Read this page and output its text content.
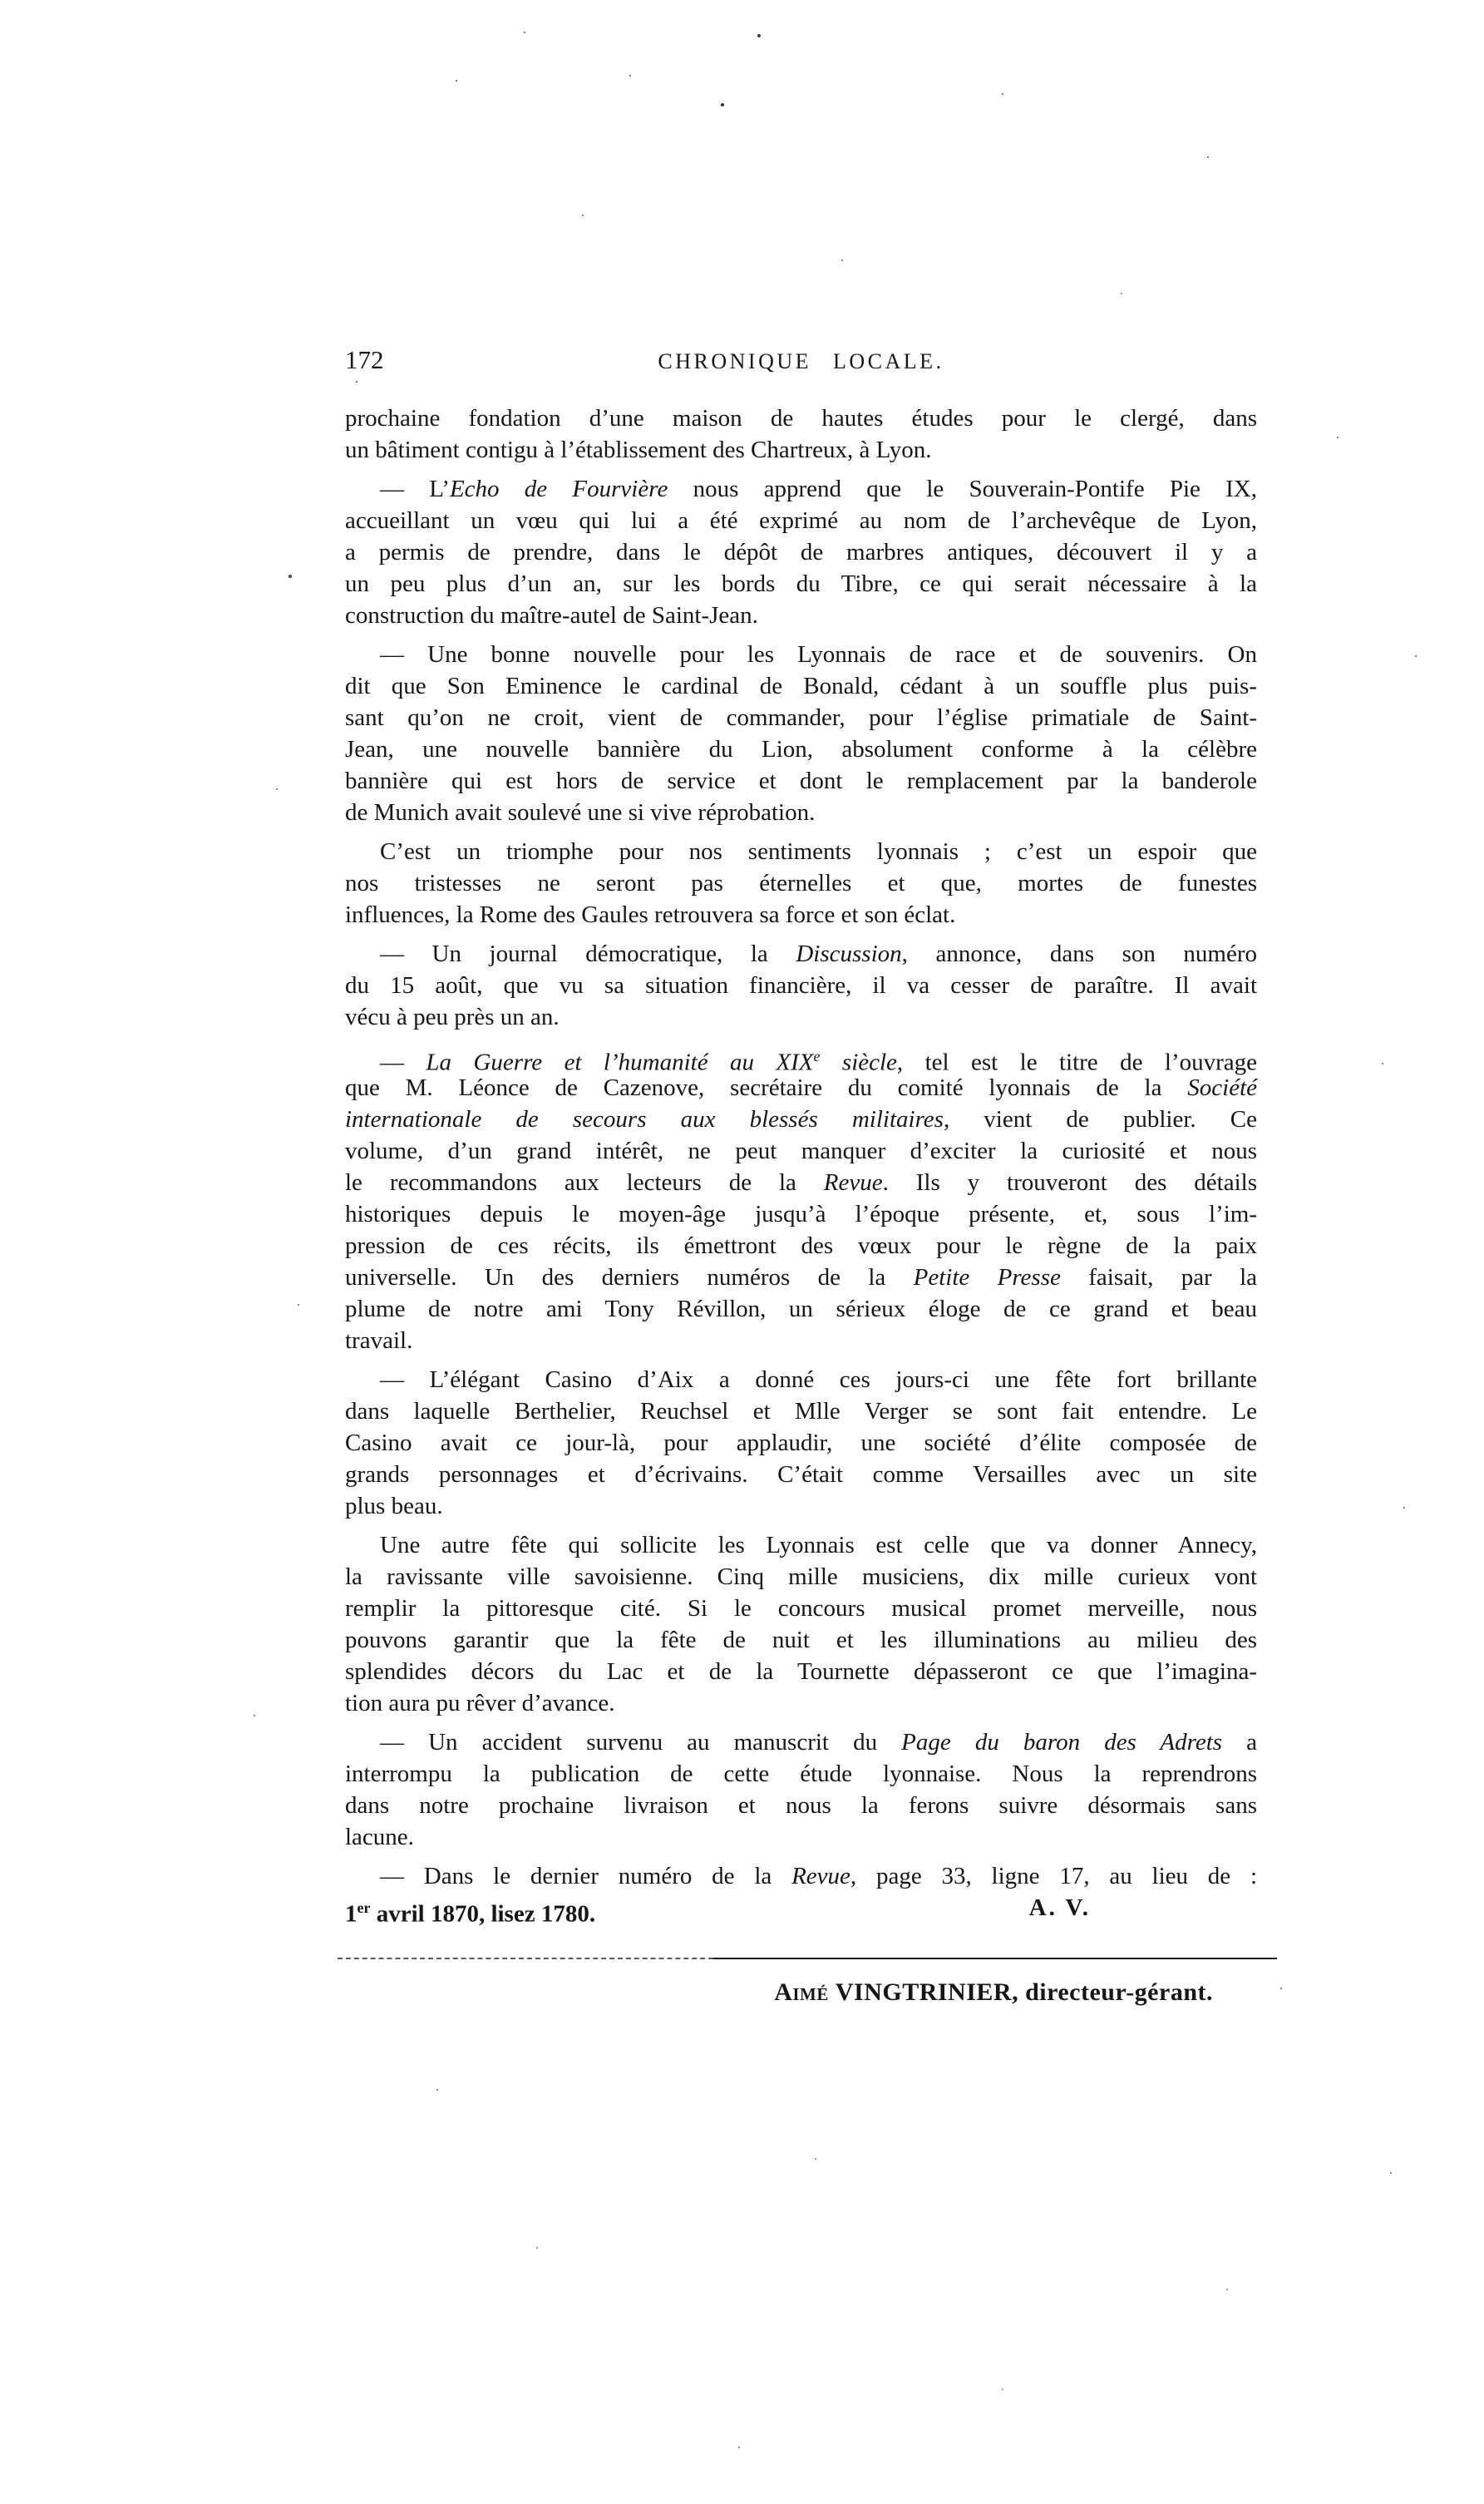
172	CHRONIQUE LOCALE.
prochaine fondation d’une maison de hautes études pour le clergé, dans
un bâtiment contigu à l’établissement des Chartreux, à Lyon.
— L’Echo de Fourvière nous apprend que le Souverain-Pontife Pie IX,
accueillant un vœu qui lui a été exprimé au nom de l’archevêque de Lyon,
a permis de prendre, dans le dépôt de marbres antiques, découvert il y a
un peu plus d’un an, sur les bords du Tibre, ce qui serait nécessaire à la
construction du maître-autel de Saint-Jean.
— Une bonne nouvelle pour les Lyonnais de race et de souvenirs. On
dit que Son Eminence le cardinal de Bonald, cédant à un souffle plus puis-
sant qu’on ne croit, vient de commander, pour l’église primatiale de Saint-
Jean, une nouvelle bannière du Lion, absolument conforme à la célèbre
bannière qui est hors de service et dont le remplacement par la banderole
de Munich avait soulevé une si vive réprobation.
C’est un triomphe pour nos sentiments lyonnais ; c’est un espoir que
nos tristesses ne seront pas éternelles et que, mortes de funestes
influences, la Rome des Gaules retrouvera sa force et son éclat.
— Un journal démocratique, la Discussion, annonce, dans son numéro
du 15 août, que vu sa situation financière, il va cesser de paraître. Il avait
vécu à peu près un an.
— La Guerre et l’humanité au XIXe siècle, tel est le titre de l’ouvrage
que M. Léonce de Cazenove, secrétaire du comité lyonnais de la Société
internationale de secours aux blessés militaires, vient de publier. Ce
volume, d’un grand intérêt, ne peut manquer d’exciter la curiosité et nous
le recommandons aux lecteurs de la Revue. Ils y trouveront des détails
historiques depuis le moyen-âge jusqu’à l’époque présente, et, sous l’im-
pression de ces récits, ils émettront des vœux pour le règne de la paix
universelle. Un des derniers numéros de la Petite Presse faisait, par la
plume de notre ami Tony Révillon, un sérieux éloge de ce grand et beau
travail.
— L’élégant Casino d’Aix a donné ces jours-ci une fête fort brillante
dans laquelle Berthelier, Reuchsel et Mlle Verger se sont fait entendre. Le
Casino avait ce jour-là, pour applaudir, une société d’élite composée de
grands personnages et d’écrivains. C’était comme Versailles avec un site
plus beau.
Une autre fête qui sollicite les Lyonnais est celle que va donner Annecy,
la ravissante ville savoisienne. Cinq mille musiciens, dix mille curieux vont
remplir la pittoresque cité. Si le concours musical promet merveille, nous
pouvons garantir que la fête de nuit et les illuminations au milieu des
splendides décors du Lac et de la Tournette dépasseront ce que l’imagina-
tion aura pu rêver d’avance.
— Un accident survenu au manuscrit du Page du baron des Adrets a
interrompu la publication de cette étude lyonnaise. Nous la reprendrons
dans notre prochaine livraison et nous la ferons suivre désormais sans
lacune.
— Dans le dernier numéro de la Revue, page 33, ligne 17, au lieu de :
1er avril 1870, lisez 1780.	A. V.
Aimé VINGTRINIER, directeur-gérant.
